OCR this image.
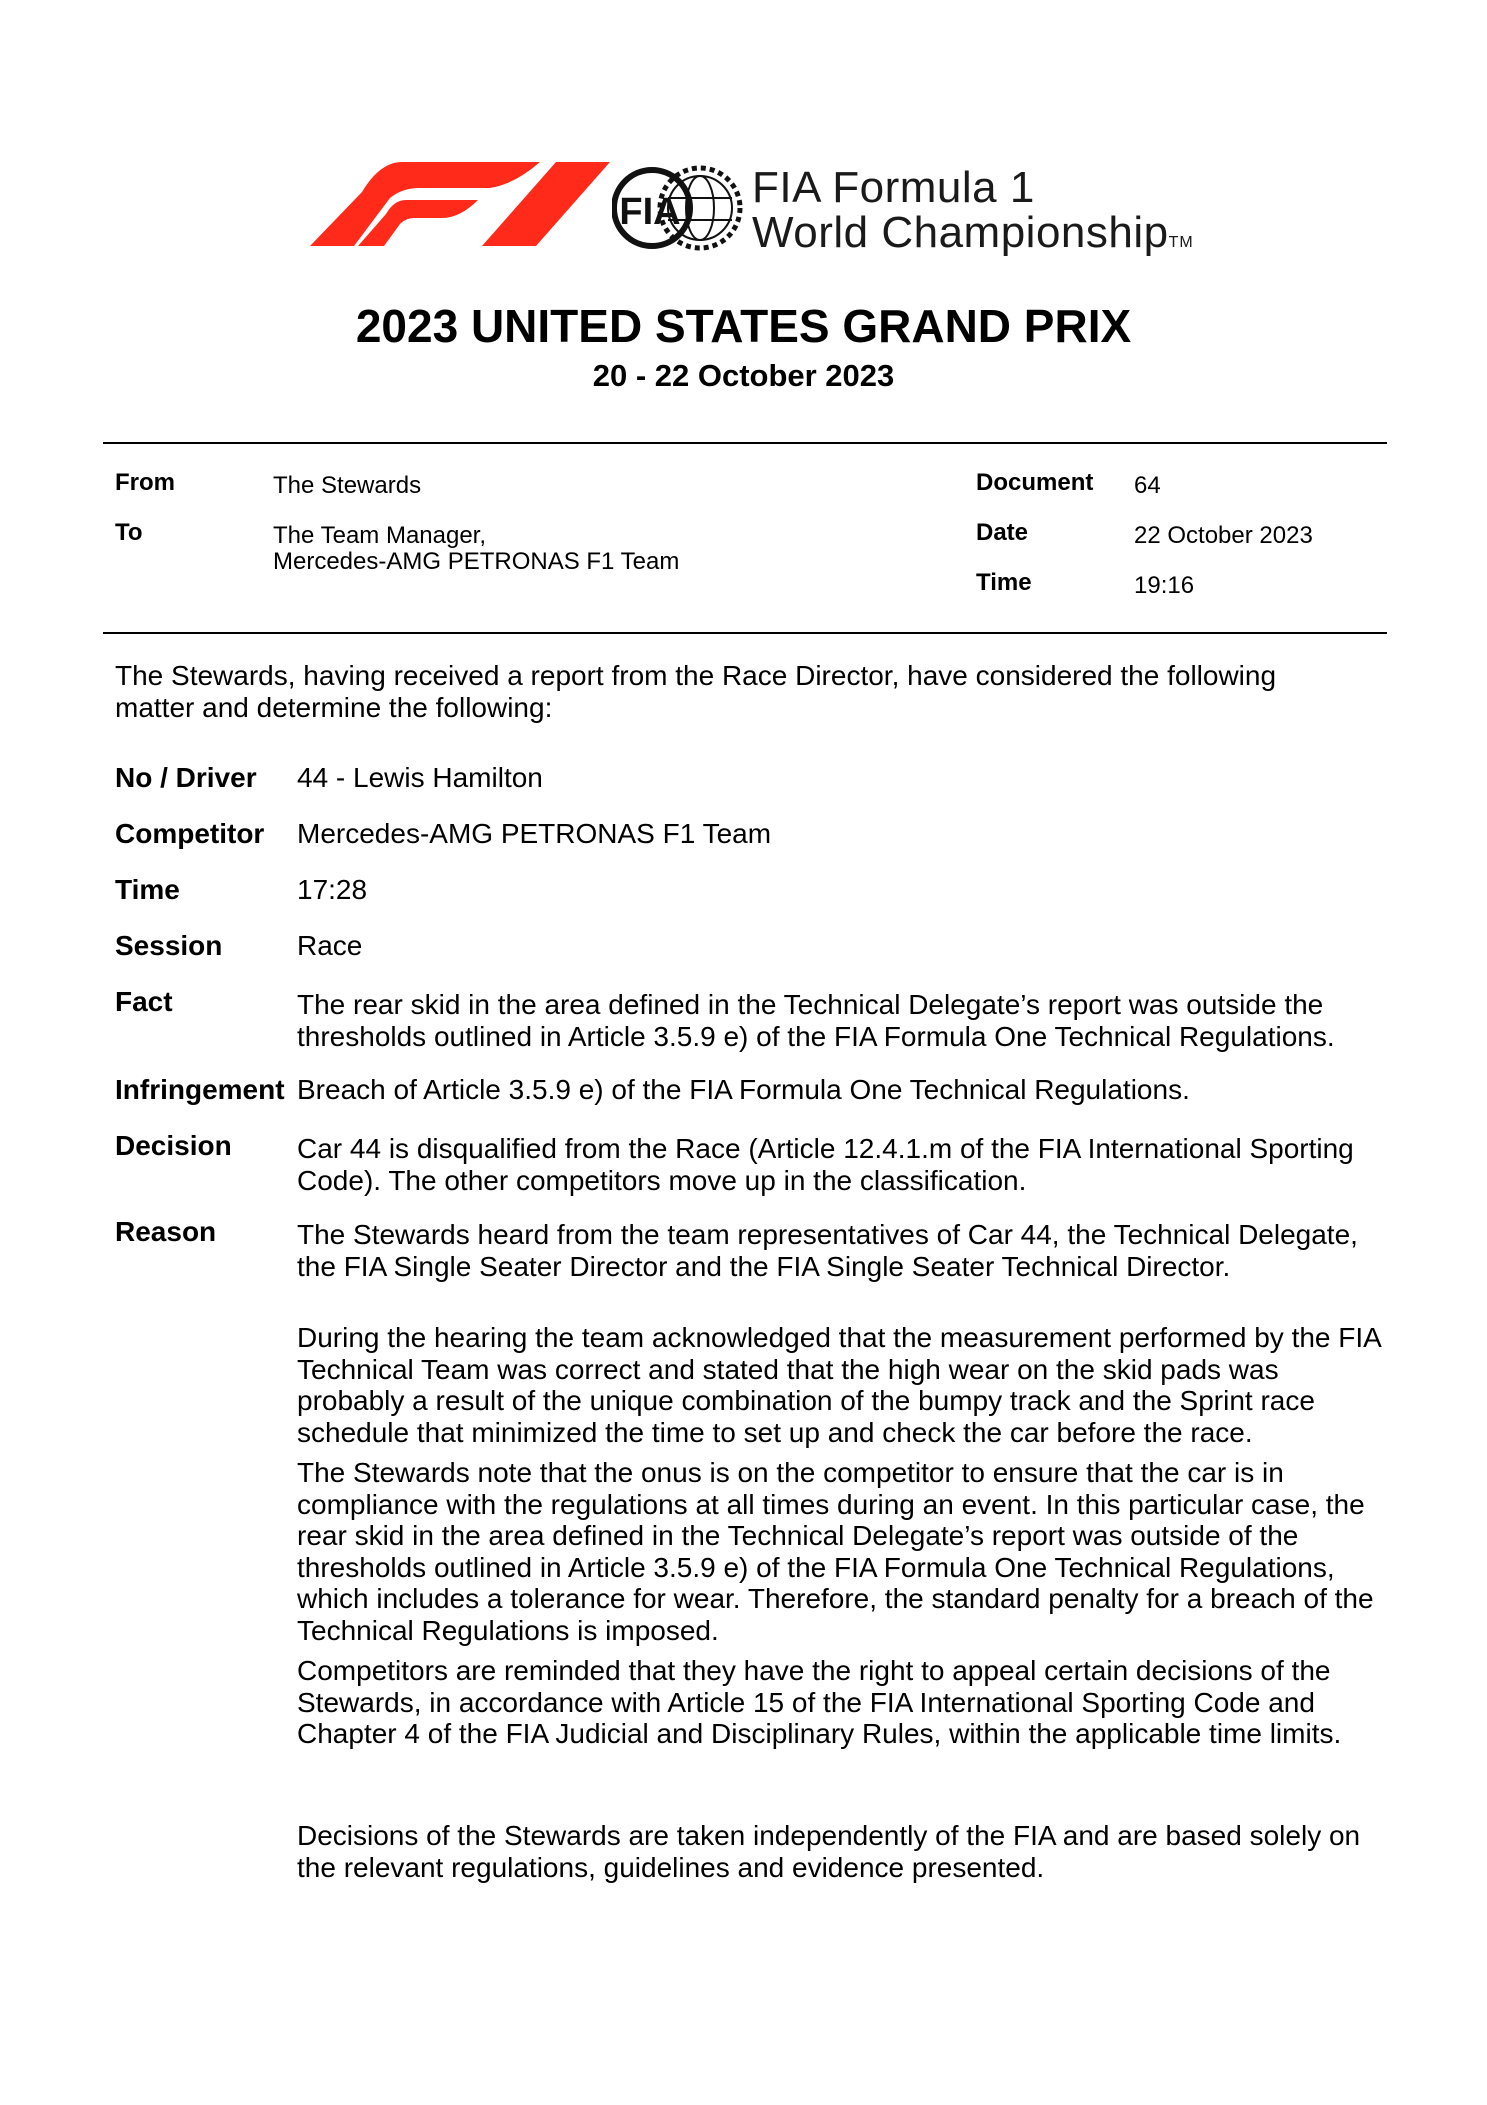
FIA FIA Formula 1
World ChampionshipTM
2023 UNITED STATES GRAND PRIX
20 - 22 October 2023
From	The Stewards
To	The Team Manager,
Mercedes-AMG PETRONAS F1 Team
Document 64
Date	22 October 2023
Time	19:16
The Stewards, having received a report from the Race Director, have considered the following matter and determine the following:
No / Driver 44 - Lewis Hamilton
Competitor Mercedes-AMG PETRONAS F1 Team
Time	17:28
Session	Race
Fact	The rear skid in the area defined in the Technical Delegate’s report was outside the thresholds outlined in Article 3.5.9 e) of the FIA Formula One Technical Regulations.
Infringement Breach of Article 3.5.9 e) of the FIA Formula One Technical Regulations.
Decision Car 44 is disqualified from the Race (Article 12.4.1.m of the FIA International Sporting Code). The other competitors move up in the classification.
Reason	The Stewards heard from the team representatives of Car 44, the Technical Delegate, the FIA Single Seater Director and the FIA Single Seater Technical Director.

During the hearing the team acknowledged that the measurement performed by the FIA Technical Team was correct and stated that the high wear on the skid pads was probably a result of the unique combination of the bumpy track and the Sprint race schedule that minimized the time to set up and check the car before the race.

The Stewards note that the onus is on the competitor to ensure that the car is in compliance with the regulations at all times during an event. In this particular case, the rear skid in the area defined in the Technical Delegate’s report was outside of the thresholds outlined in Article 3.5.9 e) of the FIA Formula One Technical Regulations, which includes a tolerance for wear. Therefore, the standard penalty for a breach of the Technical Regulations is imposed.

Competitors are reminded that they have the right to appeal certain decisions of the Stewards, in accordance with Article 15 of the FIA International Sporting Code and Chapter 4 of the FIA Judicial and Disciplinary Rules, within the applicable time limits.

Decisions of the Stewards are taken independently of the FIA and are based solely on the relevant regulations, guidelines and evidence presented.
